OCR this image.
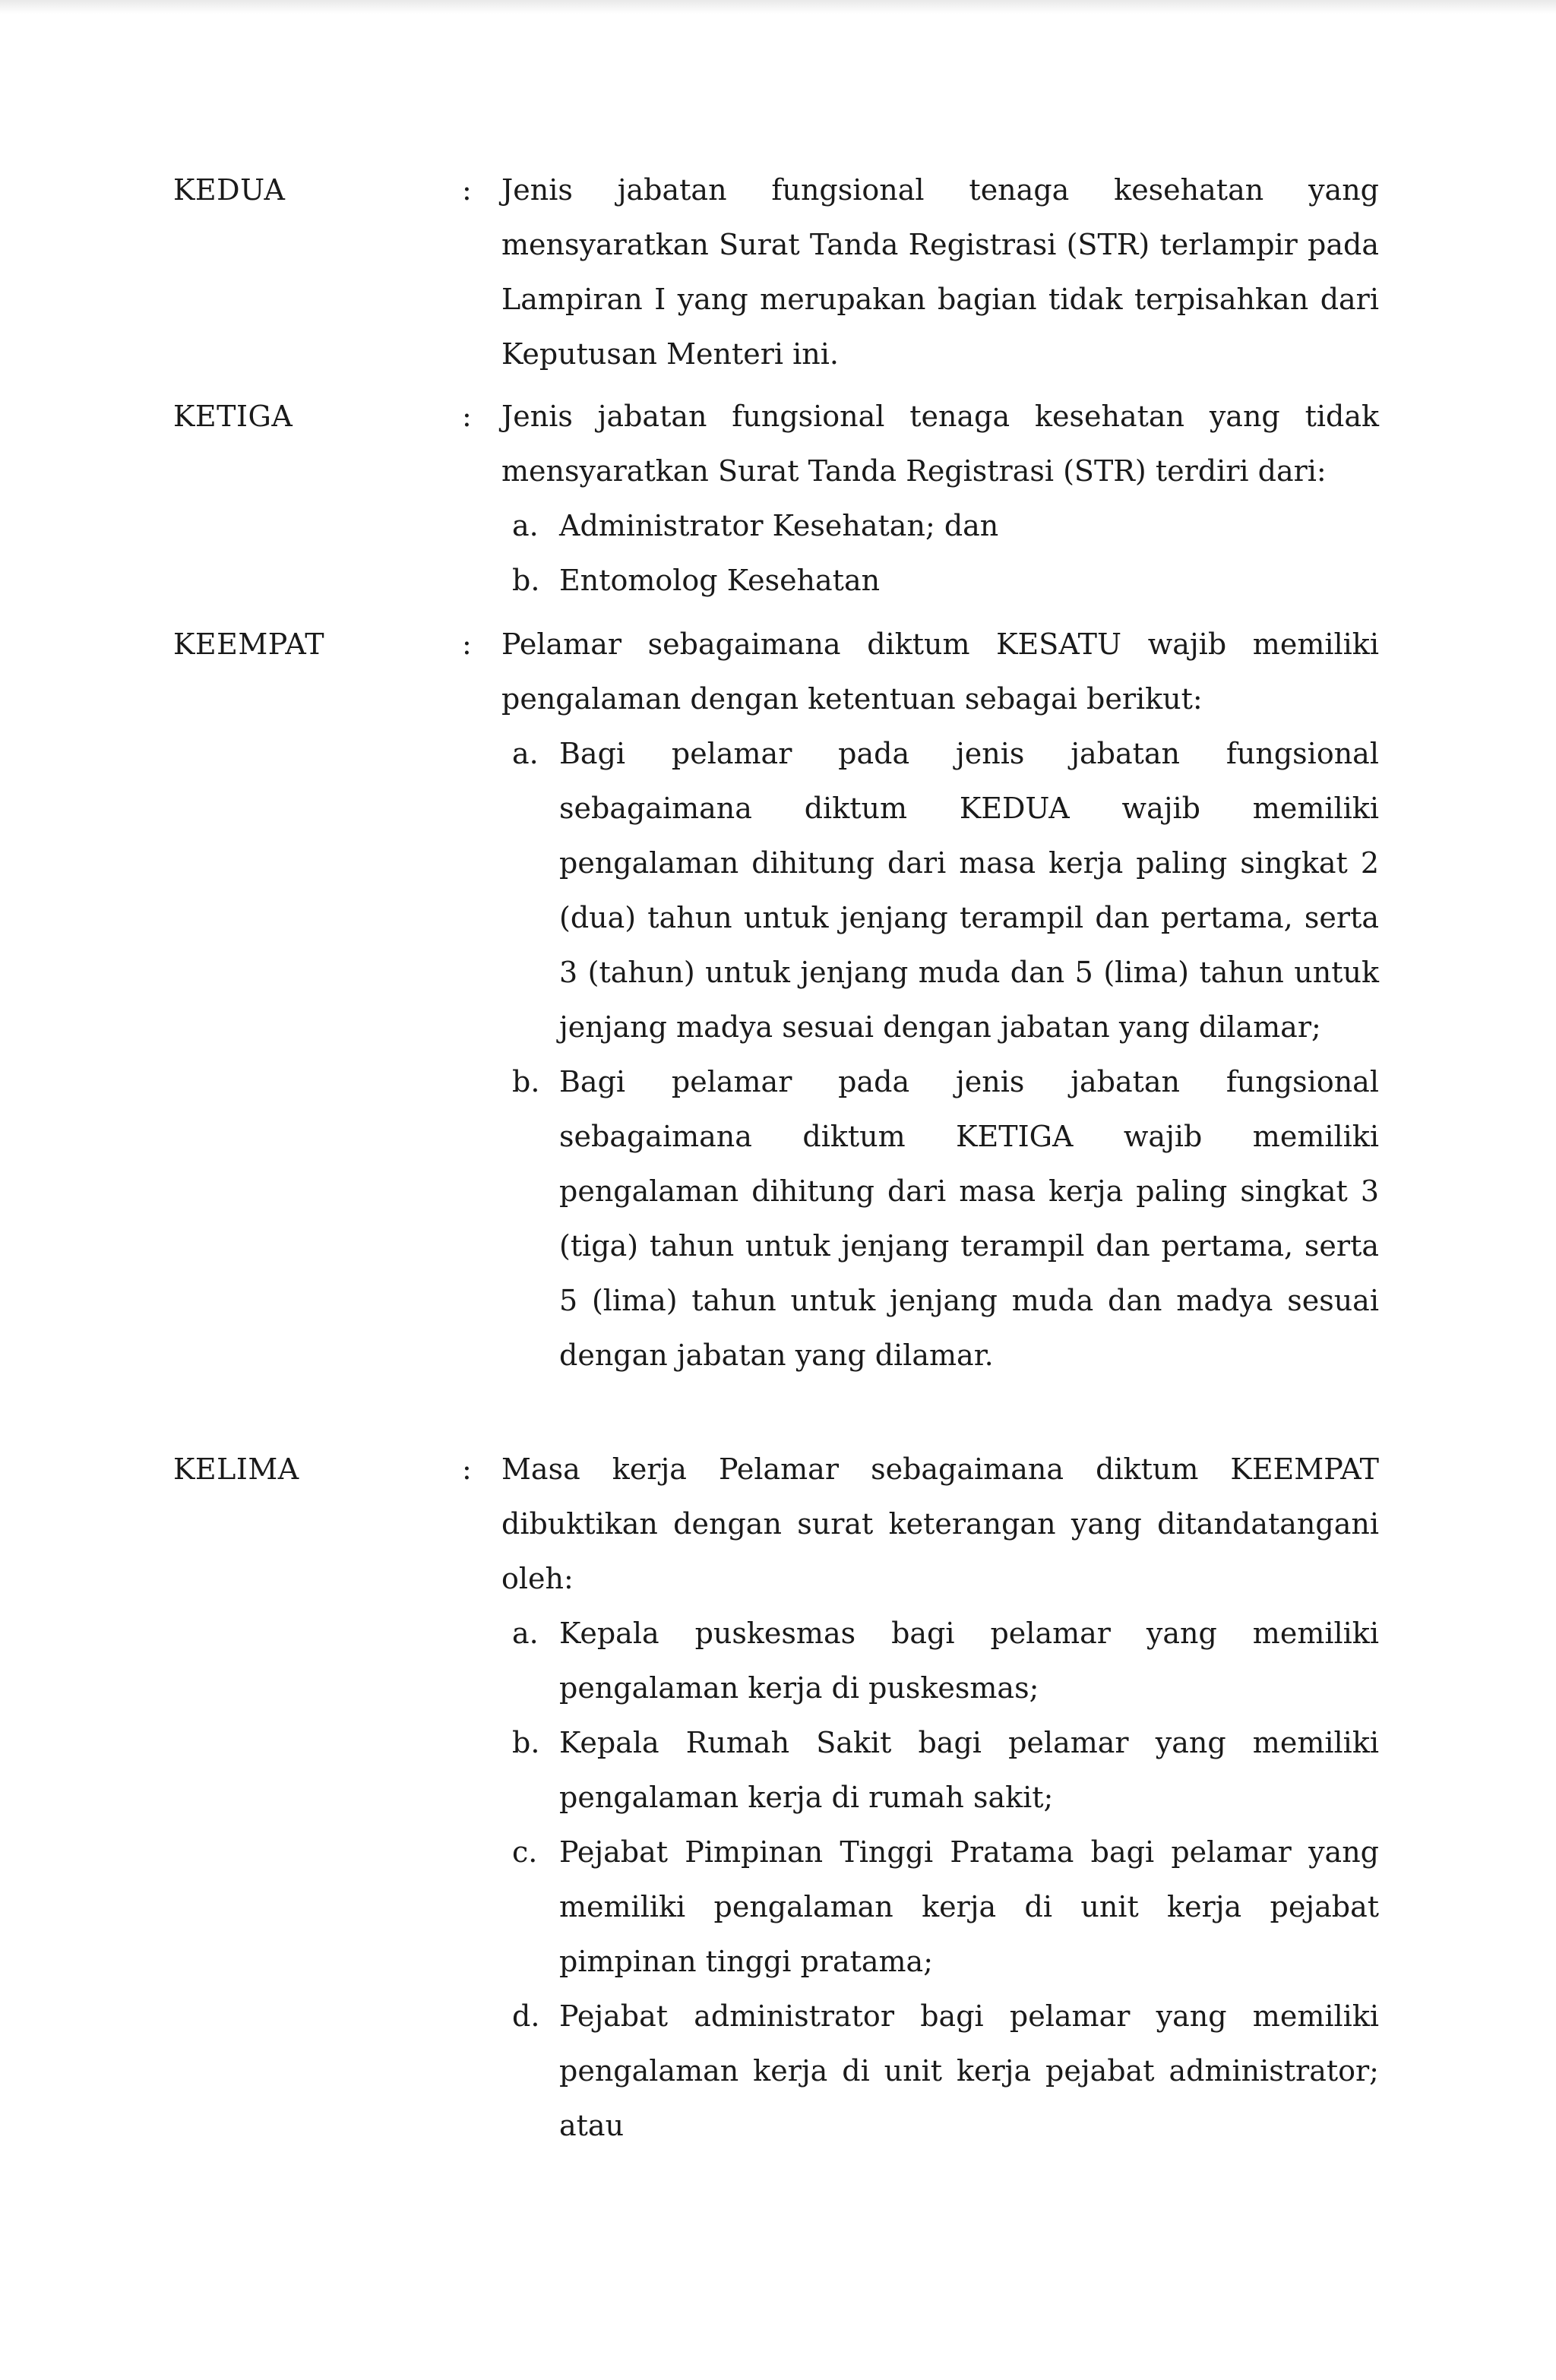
KEDUA	: Jenis jabatan fungsional tenaga kesehatan yang mensyaratkan Surat Tanda Registrasi (STR) terlampir pada Lampiran I yang merupakan bagian tidak terpisahkan dari Keputusan Menteri ini.

KETIGA	: Jenis jabatan fungsional tenaga kesehatan yang tidak mensyaratkan Surat Tanda Registrasi (STR) terdiri dari:

a. Administrator Kesehatan; dan
b. Entomolog Kesehatan
KEEMPAT	: Pelamar sebagaimana diktum KESATU wajib memiliki pengalaman dengan ketentuan sebagai berikut:

a. Bagi pelamar pada jenis jabatan fungsional sebagaimana diktum KEDUA wajib memiliki pengalaman dihitung dari masa kerja paling singkat 2 (dua) tahun untuk jenjang terampil dan pertama, serta 3 (tahun) untuk jenjang muda dan 5 (lima) tahun untuk jenjang madya sesuai dengan jabatan yang dilamar;
b. Bagi pelamar pada jenis jabatan fungsional sebagaimana diktum KETIGA wajib memiliki pengalaman dihitung dari masa kerja paling singkat 3 (tiga) tahun untuk jenjang terampil dan pertama, serta 5 (lima) tahun untuk jenjang muda dan madya sesuai dengan jabatan yang dilamar.
KELIMA	: Masa kerja Pelamar sebagaimana diktum KEEMPAT dibuktikan dengan surat keterangan yang ditandatangani oleh:

a. Kepala puskesmas bagi pelamar yang memiliki pengalaman kerja di puskesmas;
b. Kepala Rumah Sakit bagi pelamar yang memiliki pengalaman kerja di rumah sakit;
c. Pejabat Pimpinan Tinggi Pratama bagi pelamar yang memiliki pengalaman kerja di unit kerja pejabat pimpinan tinggi pratama;
d. Pejabat administrator bagi pelamar yang memiliki pengalaman kerja di unit kerja pejabat administrator; atau
